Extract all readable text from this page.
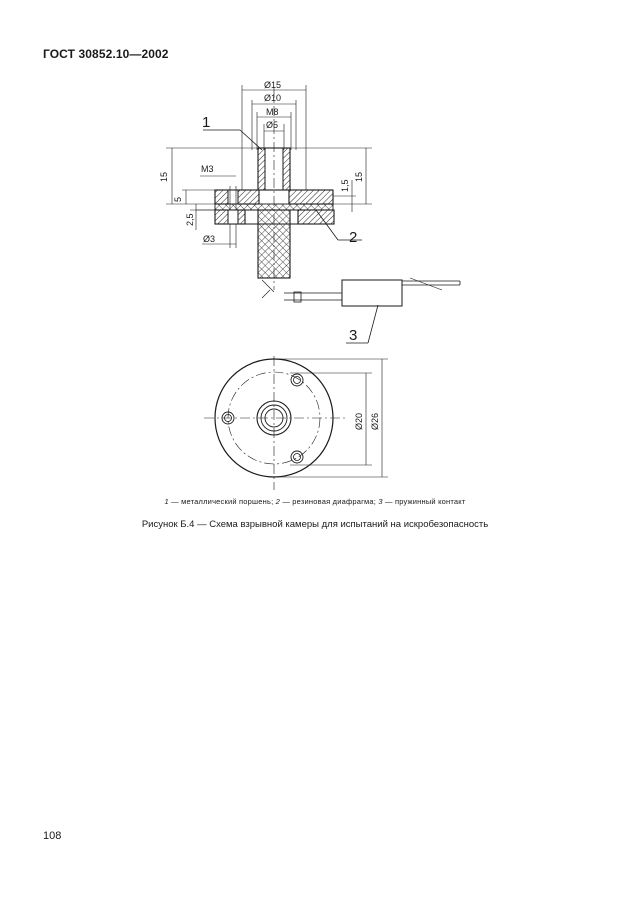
ГОСТ 30852.10—2002
Ø15
Ø10
M8
Ø5
M3
Ø3
15
5
2,5
1,5
15
Ø20 Ø26
1
2
3
1 — металлический поршень; 2 — резиновая диафрагма; 3 — пружинный контакт
Рисунок Б.4 — Схема взрывной камеры для испытаний на искробезопасность
108
